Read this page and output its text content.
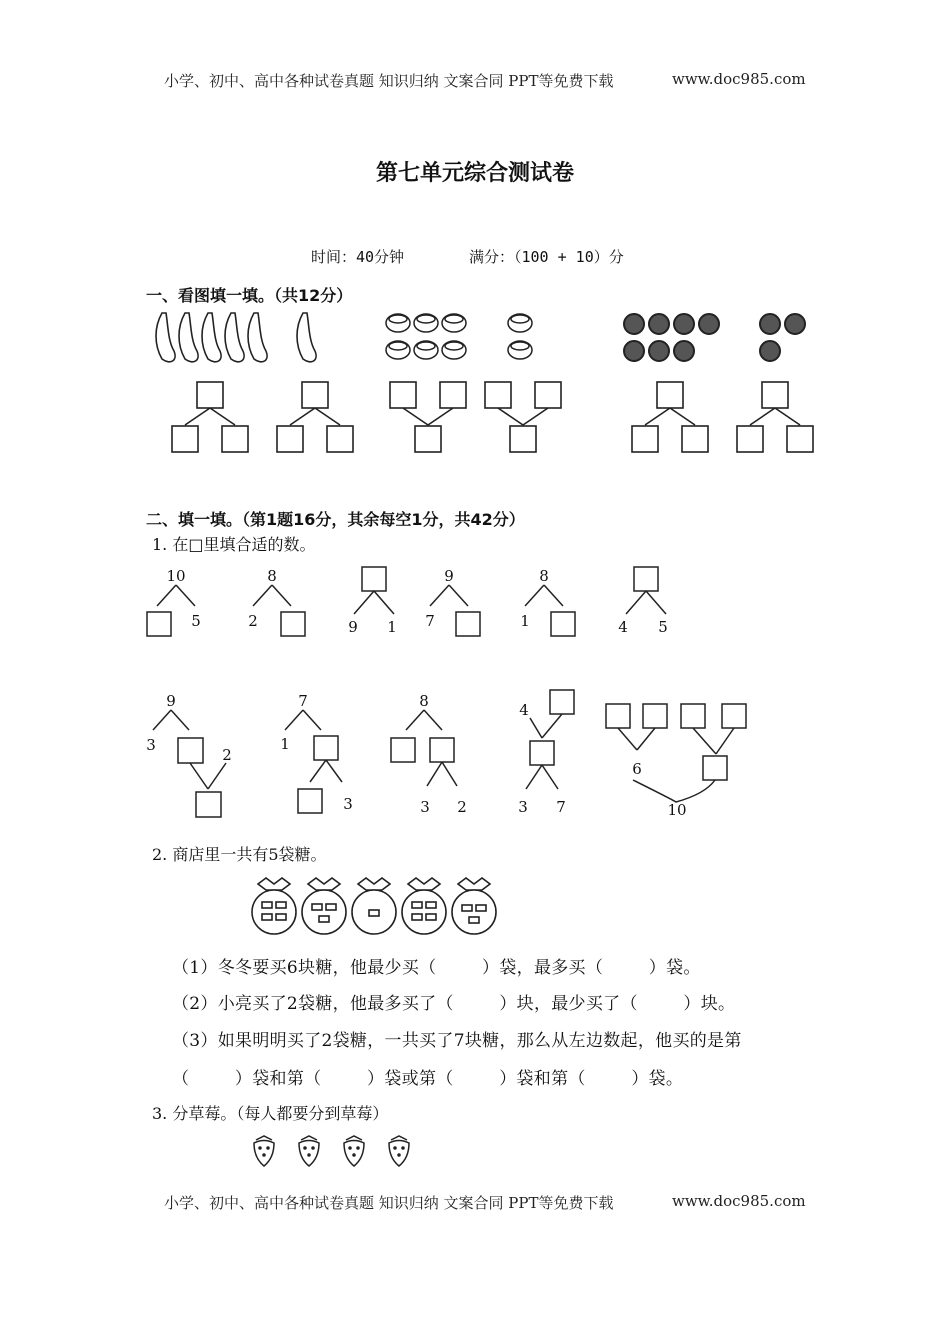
小学、初中、高中各种试卷真题 知识归纳 文案合同 PPT等免费下载	www.doc985.com
第七单元综合测试卷
时间：40分钟	满分：（100 + 10）分
一、看图填一填。（共12分）
二、填一填。（第1题16分，其余每空1分，共42分）
1. 在□里填合适的数。
10
5
8
2	9 1
9
7
8
1	4 5
9
3
2
7
1
3
8
3 2
4
3 7
6
10
2. 商店里一共有5袋糖。
（1）冬冬要买6块糖，他最少买（        ）袋，最多买（        ）袋。
（2）小亮买了2袋糖，他最多买了（        ）块，最少买了（        ）块。
（3）如果明明买了2袋糖，一共买了7块糖，那么从左边数起，他买的是第
（        ）袋和第（        ）袋或第（        ）袋和第（        ）袋。
3. 分草莓。（每人都要分到草莓）
小学、初中、高中各种试卷真题 知识归纳 文案合同 PPT等免费下载	www.doc985.com
